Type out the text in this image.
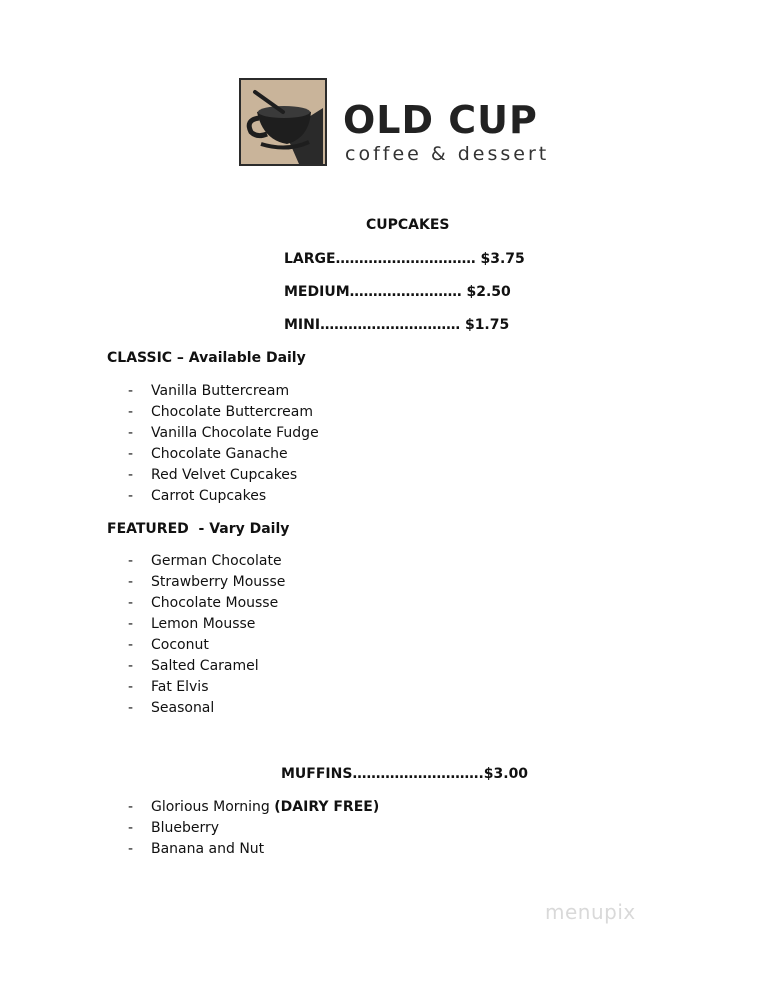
OLD CUP
coffee & dessert
CUPCAKES
LARGE………………………… $3.75
MEDIUM…………………… $2.50
MINI………………………… $1.75
CLASSIC – Available Daily
- Vanilla Buttercream
- Chocolate Buttercream
- Vanilla Chocolate Fudge
- Chocolate Ganache
- Red Velvet Cupcakes
- Carrot Cupcakes
FEATURED  - Vary Daily
- German Chocolate
- Strawberry Mousse
- Chocolate Mousse
- Lemon Mousse
- Coconut
- Salted Caramel
- Fat Elvis
- Seasonal
MUFFINS……………………….$3.00
- Glorious Morning (DAIRY FREE)
- Blueberry
- Banana and Nut
menupix
